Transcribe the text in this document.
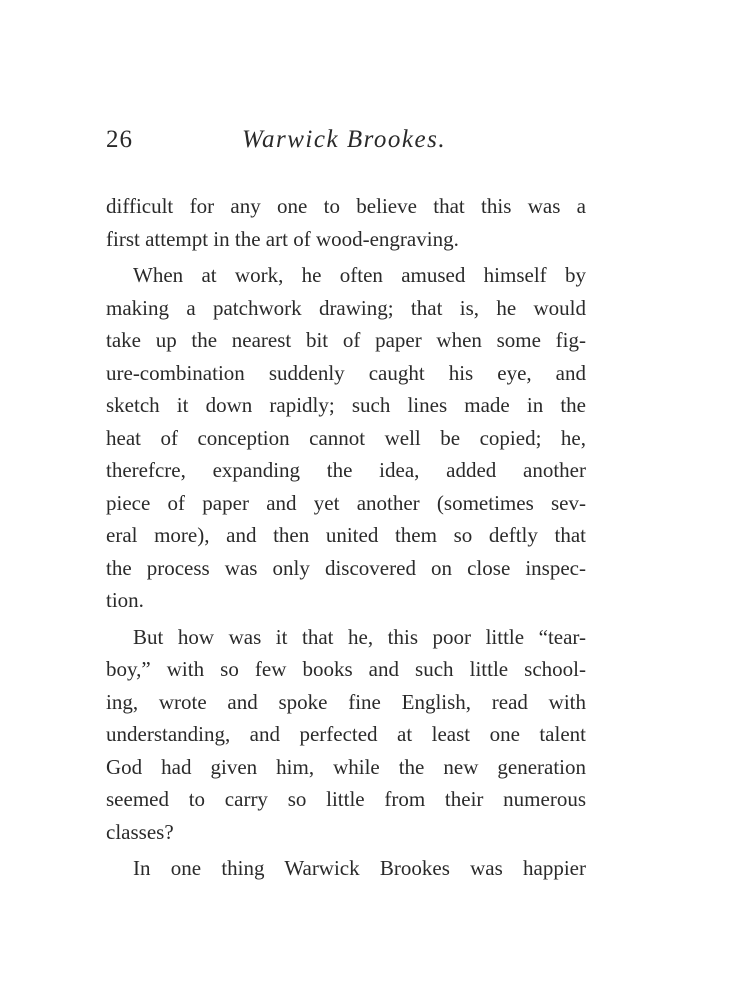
26	Warwick Brookes.
difficult for any one to believe that this was a
first attempt in the art of wood-engraving.
When at work, he often amused himself by
making a patchwork drawing; that is, he would
take up the nearest bit of paper when some fig-
ure-combination suddenly caught his eye, and
sketch it down rapidly; such lines made in the
heat of conception cannot well be copied; he,
therefcre, expanding the idea, added another
piece of paper and yet another (sometimes sev-
eral more), and then united them so deftly that
the process was only discovered on close inspec-
tion.
But how was it that he, this poor little “tear-
boy,” with so few books and such little school-
ing, wrote and spoke fine English, read with
understanding, and perfected at least one talent
God had given him, while the new generation
seemed to carry so little from their numerous
classes?
In one thing Warwick Brookes was happier
